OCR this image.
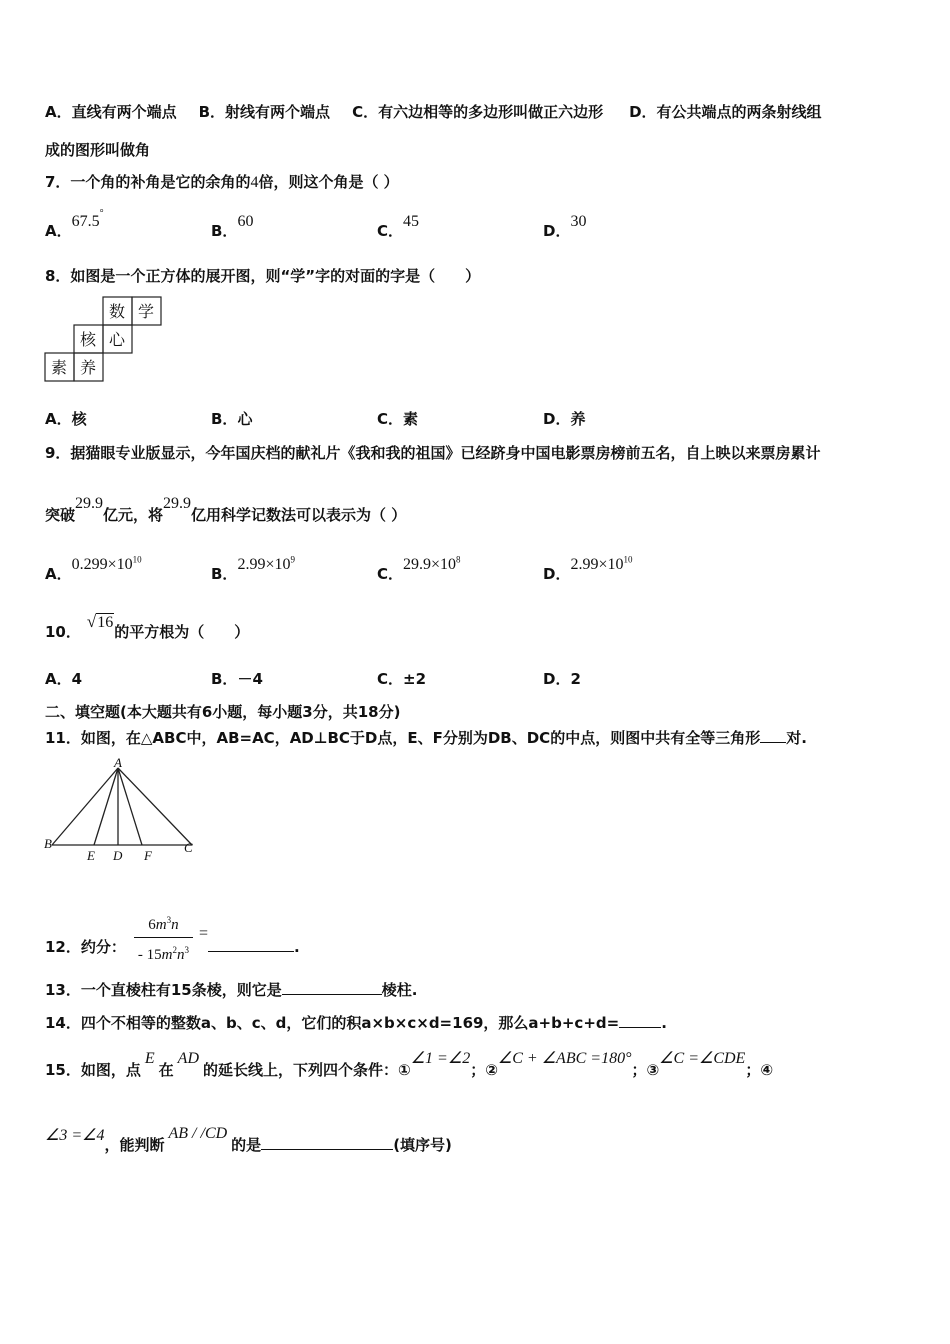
A．直线有两个端点 B．射线有两个端点 C．有六边相等的多边形叫做正六边形 D．有公共端点的两条射线组
成的图形叫做角
7．一个角的补角是它的余角的4倍，则这个角是（ ）
A．67.5°
B．60
C．45
D．30
8．如图是一个正方体的展开图，则“学”字的对面的字是（　　）
数 学
核 心
素 养
A．核	B．心	C．素	D．养
9．据猫眼专业版显示，今年国庆档的献礼片《我和我的祖国》已经跻身中国电影票房榜前五名，自上映以来票房累计
突破29.9亿元，将29.9亿用科学记数法可以表示为（ ）
A．$0.299\times 10^{10}$
B．$2.99\times 10^9$
C．$29.9\times 10^8$
D．$2.99\times 10^{10}$
10．√16的平方根为（　　）
A．4	B．－4	C．±2	D．2
二、填空题(本大题共有6小题，每小题3分，共18分)
11．如图，在△ABC中，AB=AC，AD⊥BC于D点，E、F分别为DB、DC的中点，则图中共有全等三角形 对.
A
B
E D F
C
12．约分： $\frac{6m^3n}{- 15m^2n^3}$ =.
13．一个直棱柱有15条棱，则它是	棱柱.
14．四个不相等的整数a、b、c、d，它们的积a×b×c×d=169，那么a+b+c+d=	.
15．如图，点E在AD的延长线上，下列四个条件：①∠1 =∠2；②∠C + ∠ABC =180°；③∠C =∠CDE；④
∠3 =∠4，能判断AB / /CD的是	(填序号)
